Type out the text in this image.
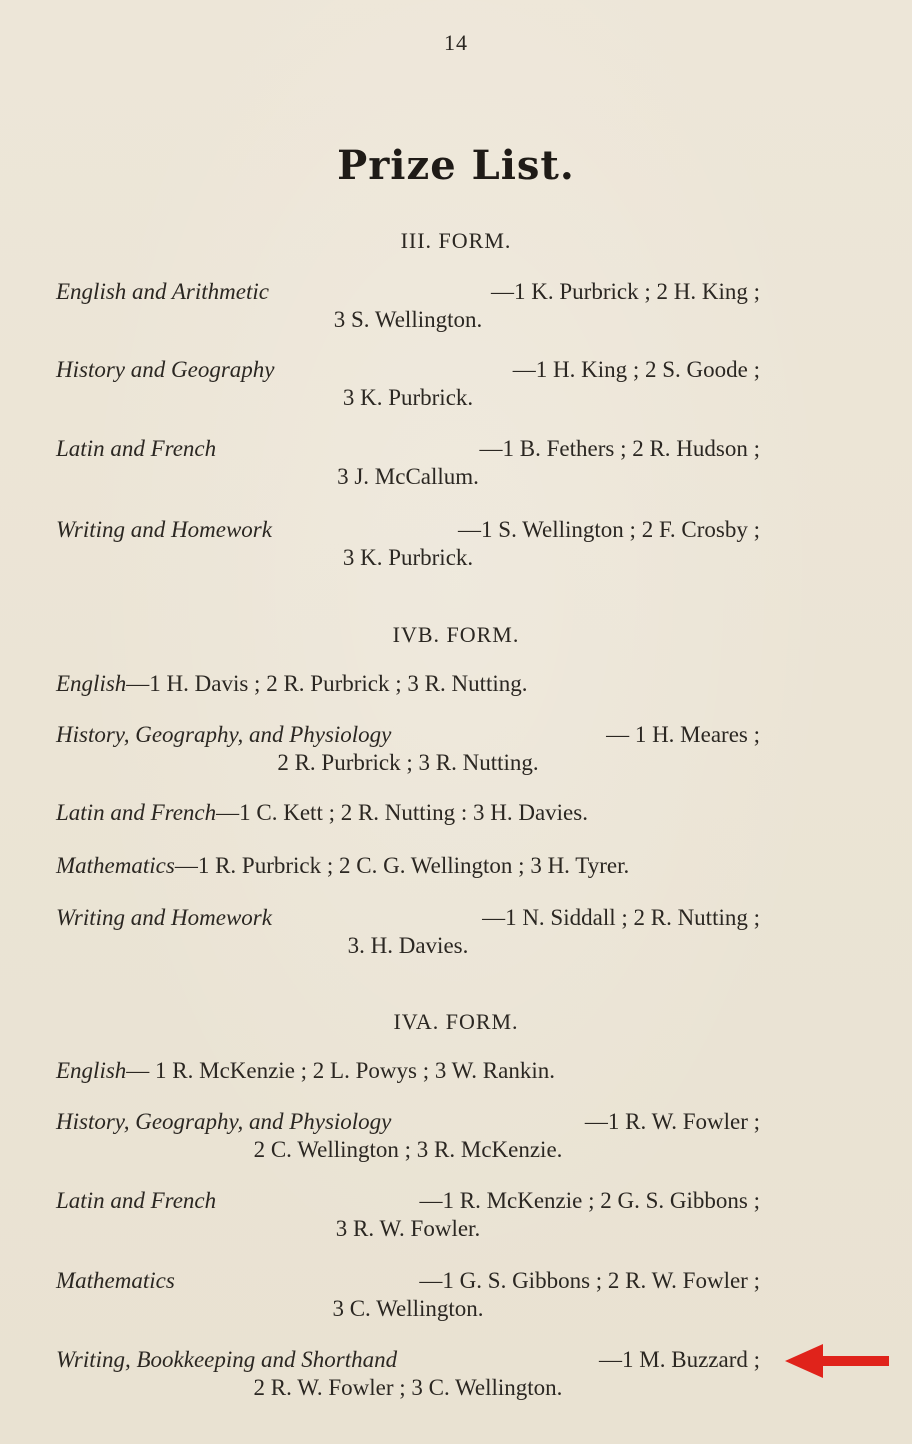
14
Prize List.
III. FORM.
English and Arithmetic	—1 K. Purbrick ; 2 H. King ;
3 S. Wellington.
History and Geography	—1 H. King ; 2 S. Goode ;
3 K. Purbrick.
Latin and French	—1 B. Fethers ; 2 R. Hudson ;
3 J. McCallum.
Writing and Homework	—1 S. Wellington ; 2 F. Crosby ;
3 K. Purbrick.
IVB. FORM.
English —1 H. Davis ; 2 R. Purbrick ; 3 R. Nutting.
History, Geography, and Physiology	— 1 H. Meares ;
2 R. Purbrick ; 3 R. Nutting.
Latin and French —1 C. Kett ; 2 R. Nutting : 3 H. Davies.
Mathematics —1 R. Purbrick ; 2 C. G. Wellington ; 3 H. Tyrer.
Writing and Homework	—1 N. Siddall ; 2 R. Nutting ;
3. H. Davies.
IVA. FORM.
English — 1 R. McKenzie ; 2 L. Powys ; 3 W. Rankin.
History, Geography, and Physiology	—1 R. W. Fowler ;
2 C. Wellington ; 3 R. McKenzie.
Latin and French	—1 R. McKenzie ; 2 G. S. Gibbons ;
3 R. W. Fowler.
Mathematics	—1 G. S. Gibbons ; 2 R. W. Fowler ;
3 C. Wellington.
Writing, Bookkeeping and Shorthand	—1 M. Buzzard ;
2 R. W. Fowler ; 3 C. Wellington.
